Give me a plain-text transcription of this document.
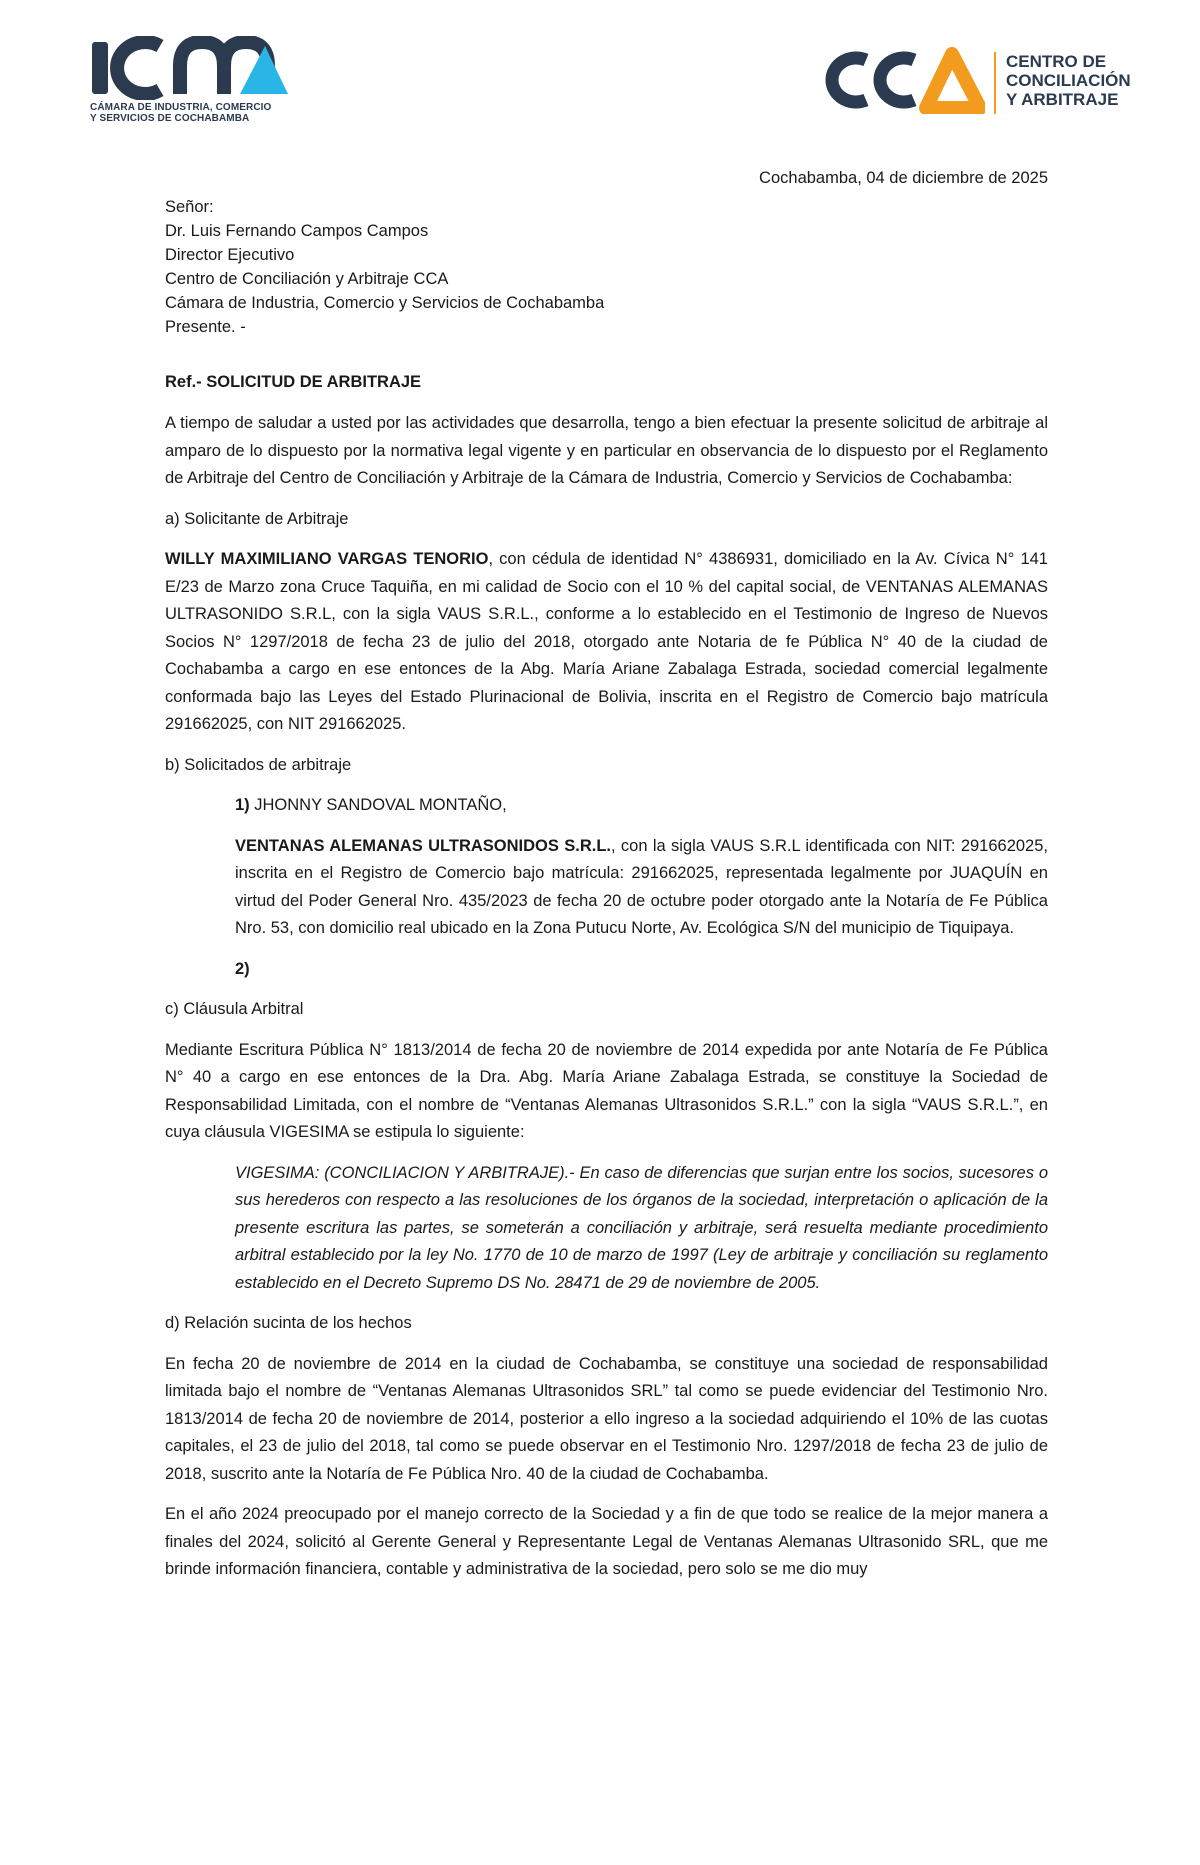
CÁMARA DE INDUSTRIA, COMERCIO
Y SERVICIOS DE COCHABAMBA
CENTRO DE
CONCILIACIÓN
Y ARBITRAJE
Cochabamba, 04 de diciembre de 2025

Señor:

Dr. Luis Fernando Campos Campos

Director Ejecutivo

Centro de Conciliación y Arbitraje CCA

Cámara de Industria, Comercio y Servicios de Cochabamba

Presente. -

Ref.- SOLICITUD DE ARBITRAJE

A tiempo de saludar a usted por las actividades que desarrolla, tengo a bien efectuar la presente solicitud de arbitraje al amparo de lo dispuesto por la normativa legal vigente y en particular en observancia de lo dispuesto por el Reglamento de Arbitraje del Centro de Conciliación y Arbitraje de la Cámara de Industria, Comercio y Servicios de Cochabamba:

a) Solicitante de Arbitraje

WILLY MAXIMILIANO VARGAS TENORIO, con cédula de identidad N° 4386931, domiciliado en la Av. Cívica N° 141 E/23 de Marzo zona Cruce Taquiña, en mi calidad de Socio con el 10 % del capital social, de VENTANAS ALEMANAS ULTRASONIDO S.R.L, con la sigla VAUS S.R.L., conforme a lo establecido en el Testimonio de Ingreso de Nuevos Socios N° 1297/2018 de fecha 23 de julio del 2018, otorgado ante Notaria de fe Pública N° 40 de la ciudad de Cochabamba a cargo en ese entonces de la Abg. María Ariane Zabalaga Estrada, sociedad comercial legalmente conformada bajo las Leyes del Estado Plurinacional de Bolivia, inscrita en el Registro de Comercio bajo matrícula 291662025, con NIT 291662025.

b) Solicitados de arbitraje

1) JHONNY SANDOVAL MONTAÑO,

VENTANAS ALEMANAS ULTRASONIDOS S.R.L., con la sigla VAUS S.R.L identificada con NIT: 291662025, inscrita en el Registro de Comercio bajo matrícula: 291662025, representada legalmente por JUAQUÍN en virtud del Poder General Nro. 435/2023 de fecha 20 de octubre poder otorgado ante la Notaría de Fe Pública Nro. 53, con domicilio real ubicado en la Zona Putucu Norte, Av. Ecológica S/N del municipio de Tiquipaya.

2)

c) Cláusula Arbitral

Mediante Escritura Pública N° 1813/2014 de fecha 20 de noviembre de 2014 expedida por ante Notaría de Fe Pública N° 40 a cargo en ese entonces de la Dra. Abg. María Ariane Zabalaga Estrada, se constituye la Sociedad de Responsabilidad Limitada, con el nombre de “Ventanas Alemanas Ultrasonidos S.R.L.” con la sigla “VAUS S.R.L.”, en cuya cláusula VIGESIMA se estipula lo siguiente:

VIGESIMA: (CONCILIACION Y ARBITRAJE).- En caso de diferencias que surjan entre los socios, sucesores o sus herederos con respecto a las resoluciones de los órganos de la sociedad, interpretación o aplicación de la presente escritura las partes, se someterán a conciliación y arbitraje, será resuelta mediante procedimiento arbitral establecido por la ley No. 1770 de 10 de marzo de 1997 (Ley de arbitraje y conciliación su reglamento establecido en el Decreto Supremo DS No. 28471 de 29 de noviembre de 2005.

d) Relación sucinta de los hechos

En fecha 20 de noviembre de 2014 en la ciudad de Cochabamba, se constituye una sociedad de responsabilidad limitada bajo el nombre de “Ventanas Alemanas Ultrasonidos SRL” tal como se puede evidenciar del Testimonio Nro. 1813/2014 de fecha 20 de noviembre de 2014, posterior a ello ingreso a la sociedad adquiriendo el 10% de las cuotas capitales, el 23 de julio del 2018, tal como se puede observar en el Testimonio Nro. 1297/2018 de fecha 23 de julio de 2018, suscrito ante la Notaría de Fe Pública Nro. 40 de la ciudad de Cochabamba.

En el año 2024 preocupado por el manejo correcto de la Sociedad y a fin de que todo se realice de la mejor manera a finales del 2024, solicitó al Gerente General y Representante Legal de Ventanas Alemanas Ultrasonido SRL, que me brinde información financiera, contable y administrativa de la sociedad, pero solo se me dio muy
